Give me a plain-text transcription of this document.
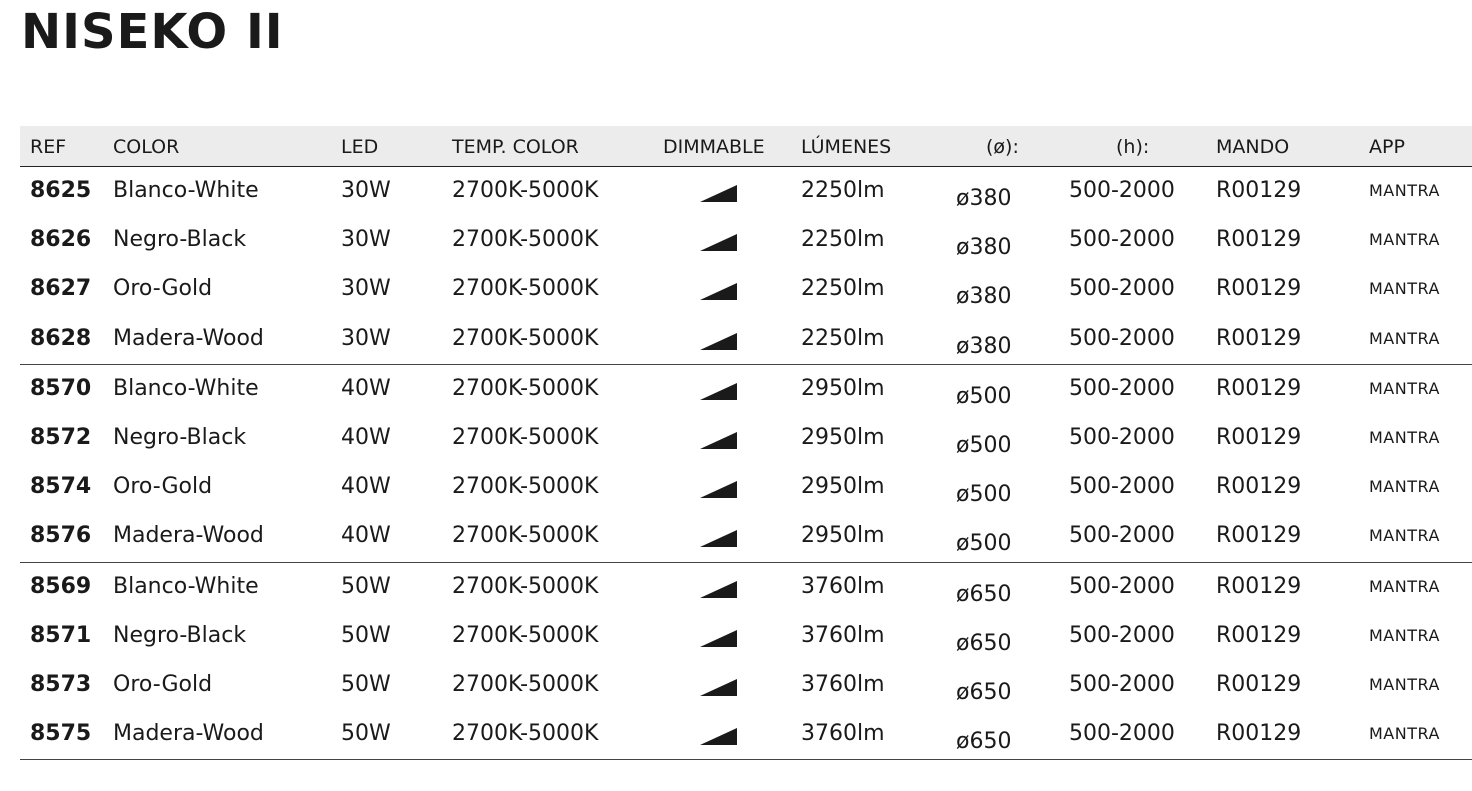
NISEKO II
REF COLOR	LED	TEMP. COLOR	DIMMABLE LÚMENES	(ø):	(h):	MANDO	APP
8625 Blanco-White	30W	2700K-5000K	2250lm	ø380	500-2000 R00129	MANTRA
8626 Negro-Black	30W	2700K-5000K	2250lm	ø380	500-2000 R00129	MANTRA
8627 Oro-Gold	30W	2700K-5000K	2250lm	ø380	500-2000 R00129	MANTRA
8628 Madera-Wood	30W	2700K-5000K	2250lm	ø380	500-2000 R00129	MANTRA
8570 Blanco-White	40W	2700K-5000K	2950lm	ø500	500-2000 R00129	MANTRA
8572 Negro-Black	40W	2700K-5000K	2950lm	ø500	500-2000 R00129	MANTRA
8574 Oro-Gold	40W	2700K-5000K	2950lm	ø500	500-2000 R00129	MANTRA
8576 Madera-Wood	40W	2700K-5000K	2950lm	ø500	500-2000 R00129	MANTRA
8569 Blanco-White	50W	2700K-5000K	3760lm	ø650	500-2000 R00129	MANTRA
8571 Negro-Black	50W	2700K-5000K	3760lm	ø650	500-2000 R00129	MANTRA
8573 Oro-Gold	50W	2700K-5000K	3760lm	ø650	500-2000 R00129	MANTRA
8575 Madera-Wood	50W	2700K-5000K	3760lm	ø650	500-2000 R00129	MANTRA
